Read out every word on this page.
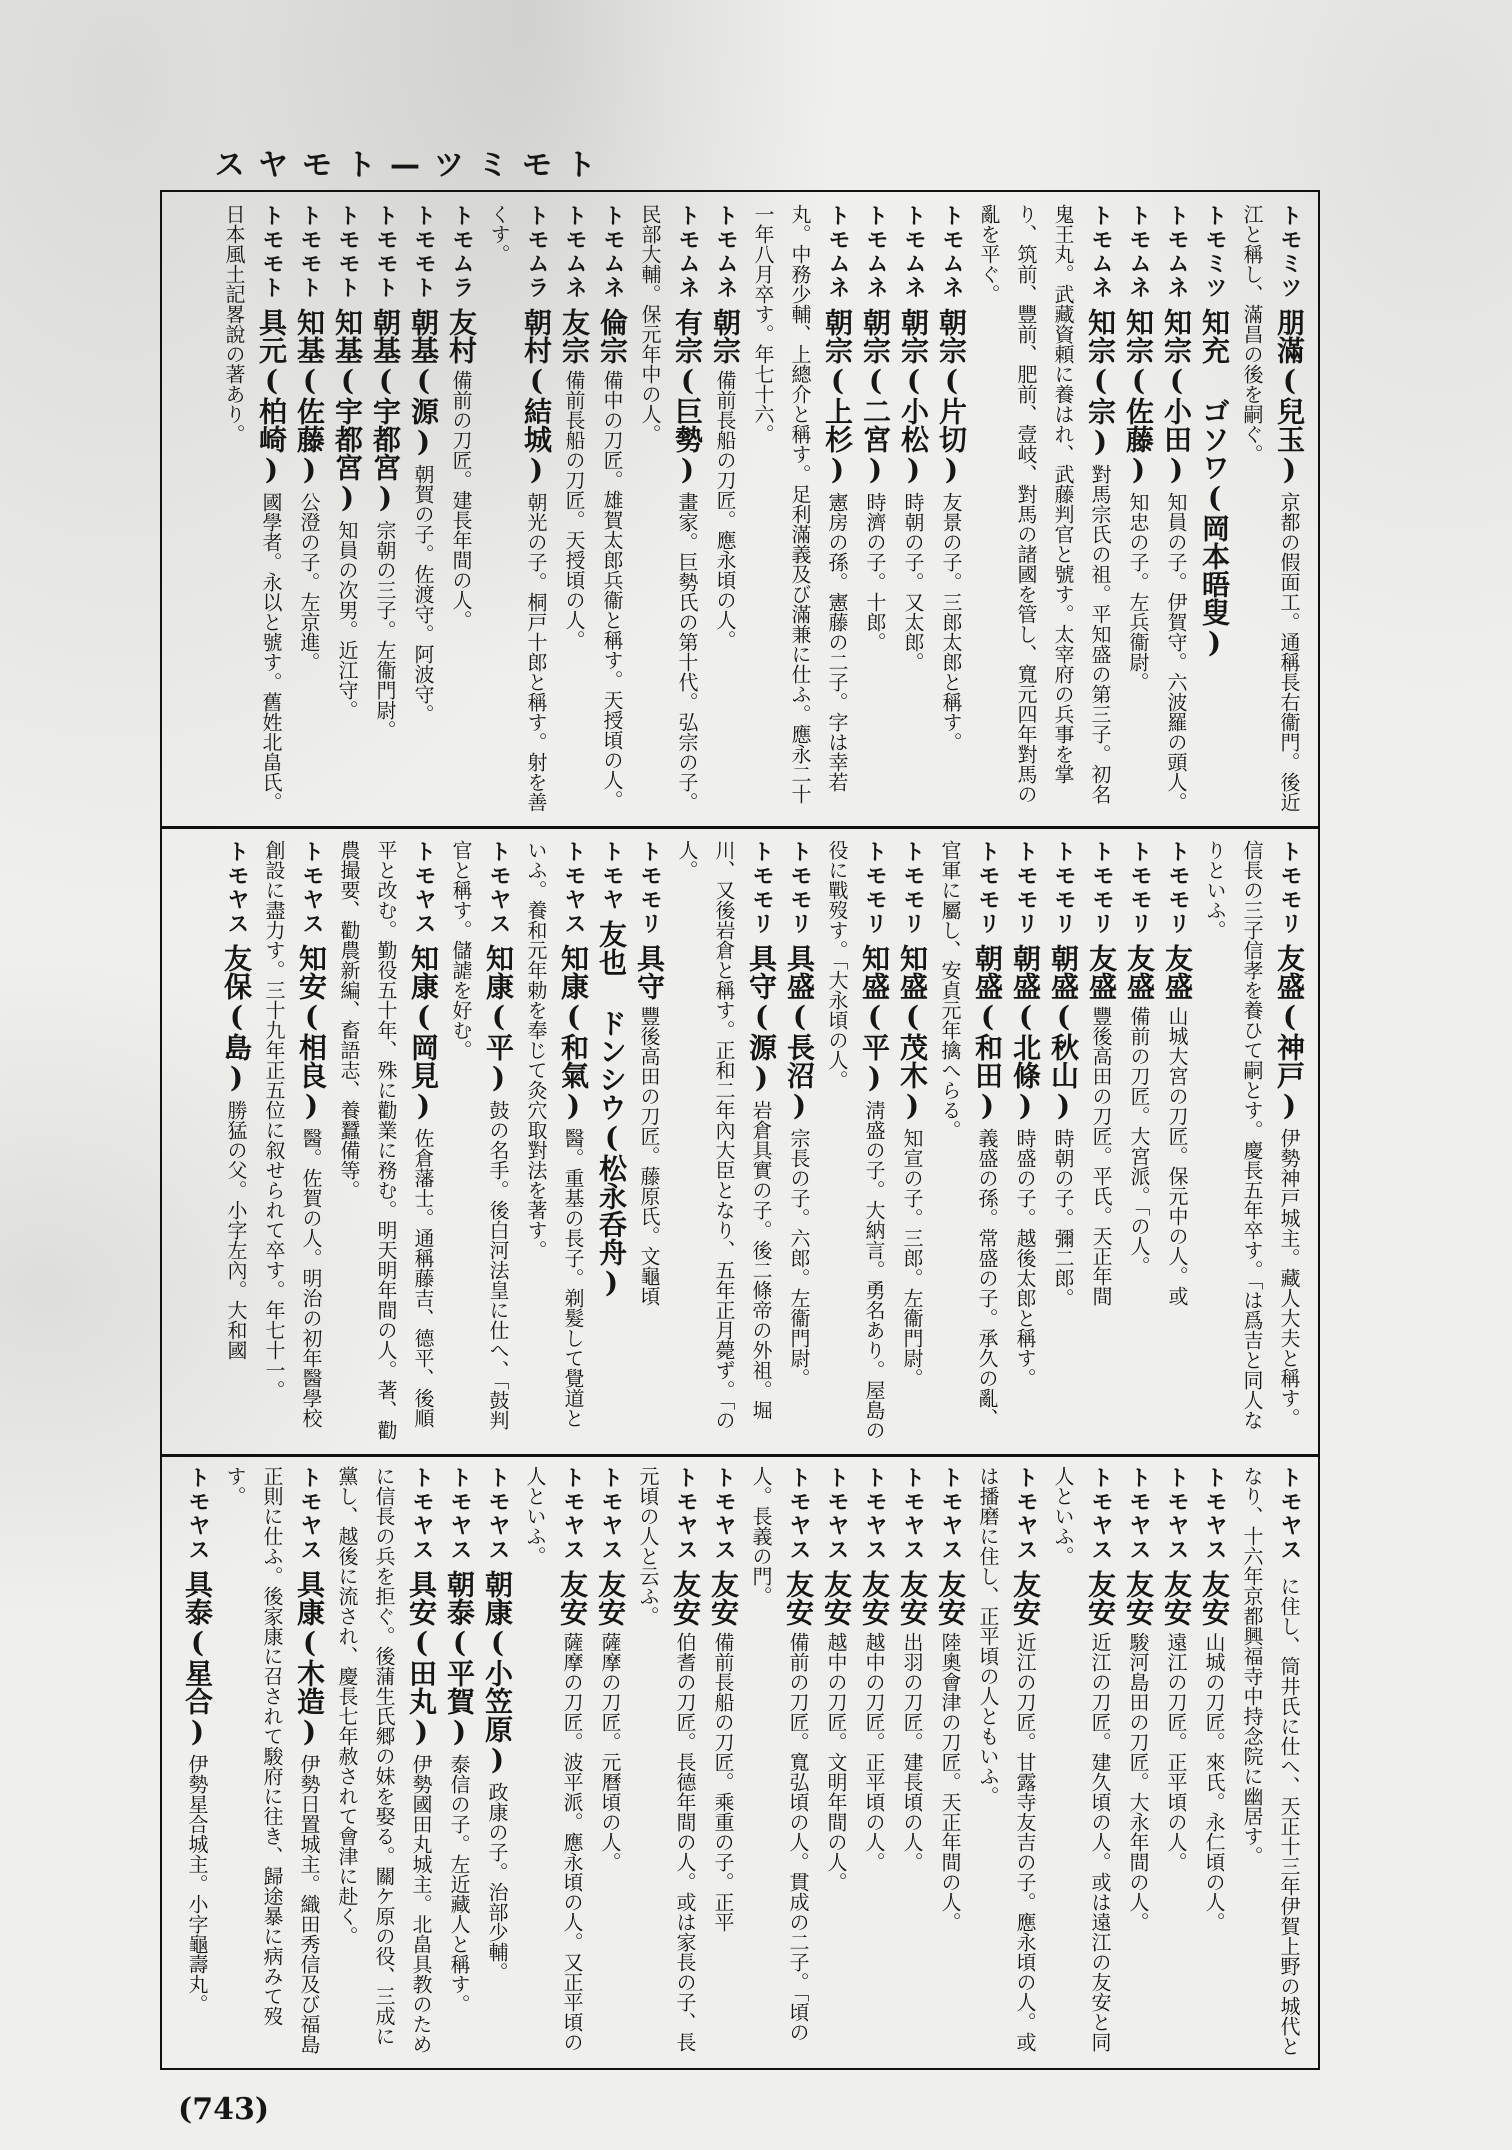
トモミツ—トモヤス

トモミツ朋滿(兒玉)京都の假面工。通稱長右衞門。後近江と稱し、滿昌の後を嗣ぐ。

トモミツ知充 ゴソワ(岡本晤叟)

トモムネ知宗(小田)知員の子。伊賀守。六波羅の頭人。

トモムネ知宗(佐藤)知忠の子。左兵衞尉。

トモムネ知宗(宗)對馬宗氏の祖。平知盛の第三子。初名鬼王丸。武藏資頼に養はれ、武藤判官と號す。太宰府の兵事を掌り、筑前、豐前、肥前、壹岐、對馬の諸國を管し、寬元四年對馬の亂を平ぐ。

トモムネ朝宗(片切)友景の子。三郎太郎と稱す。

トモムネ朝宗(小松)時朝の子。又太郎。

トモムネ朝宗(二宮)時濟の子。十郎。

トモムネ朝宗(上杉)憲房の孫。憲藤の二子。字は幸若丸。中務少輔、上總介と稱す。足利滿義及び滿兼に仕ふ。應永二十一年八月卒す。年七十六。

トモムネ朝宗備前長船の刀匠。應永頃の人。

トモムネ有宗(巨勢)畫家。巨勢氏の第十代。弘宗の子。民部大輔。保元年中の人。

トモムネ倫宗備中の刀匠。雄賀太郎兵衞と稱す。天授頃の人。

トモムネ友宗備前長船の刀匠。天授頃の人。

トモムラ朝村(結城)朝光の子。桐戸十郎と稱す。射を善くす。

トモムラ友村備前の刀匠。建長年間の人。

トモモト朝基(源)朝賀の子。佐渡守。阿波守。

トモモト朝基(宇都宮)宗朝の三子。左衞門尉。

トモモト知基(宇都宮)知員の次男。近江守。

トモモト知基(佐藤)公澄の子。左京進。

トモモト具元(柏崎)國學者。永以と號す。舊姓北畠氏。日本風土記畧說の著あり。

トモモリ友盛(神戸)伊勢神戸城主。藏人大夫と稱す。信長の三子信孝を養ひて嗣とす。慶長五年卒す。「は爲吉と同人なりといふ。

トモモリ友盛山城大宮の刀匠。保元中の人。或

トモモリ友盛備前の刀匠。大宮派。「の人。

トモモリ友盛豐後高田の刀匠。平氏。天正年間

トモモリ朝盛(秋山)時朝の子。彌二郎。

トモモリ朝盛(北條)時盛の子。越後太郎と稱す。

トモモリ朝盛(和田)義盛の孫。常盛の子。承久の亂、官軍に屬し、安貞元年擒へらる。

トモモリ知盛(茂木)知宣の子。三郎。左衞門尉。

トモモリ知盛(平)淸盛の子。大納言。勇名あり。屋島の役に戰歿す。「大永頃の人。

トモモリ具盛(長沼)宗長の子。六郎。左衞門尉。

トモモリ具守(源)岩倉具實の子。後二條帝の外祖。堀川、又後岩倉と稱す。正和二年內大臣となり、五年正月薨ず。「の人。

トモモリ具守豐後高田の刀匠。藤原氏。文龜頃

トモヤ友也 ドンシウ(松永呑舟)

トモヤス知康(和氣)醫。重基の長子。剃髮して覺道といふ。養和元年勅を奉じて灸穴取對法を著す。

トモヤス知康(平)鼓の名手。後白河法皇に仕へ、「鼓判官と稱す。儲謔を好む。

トモヤス知康(岡見)佐倉藩士。通稱藤吉、德平、後順平と改む。勤役五十年、殊に勸業に務む。明天明年間の人。著、勸農撮要、勸農新編、畜語志、養蠶備等。

トモヤス知安(相良)醫。佐賀の人。明治の初年醫學校創設に盡力す。三十九年正五位に叙せられて卒す。年七十一。

トモヤス友保(島)勝猛の父。小字左內。大和國

トモヤスに住し、筒井氏に仕へ、天正十三年伊賀上野の城代となり、十六年京都興福寺中持念院に幽居す。

トモヤス友安山城の刀匠。來氏。永仁頃の人。

トモヤス友安遠江の刀匠。正平頃の人。

トモヤス友安駿河島田の刀匠。大永年間の人。

トモヤス友安近江の刀匠。建久頃の人。或は遠江の友安と同人といふ。

トモヤス友安近江の刀匠。甘露寺友吉の子。應永頃の人。或は播磨に住し、正平頃の人ともいふ。

トモヤス友安陸奧會津の刀匠。天正年間の人。

トモヤス友安出羽の刀匠。建長頃の人。

トモヤス友安越中の刀匠。正平頃の人。

トモヤス友安越中の刀匠。文明年間の人。

トモヤス友安備前の刀匠。寬弘頃の人。貫成の二子。「頃の人。長義の門。

トモヤス友安備前長船の刀匠。乘重の子。正平

トモヤス友安伯耆の刀匠。長德年間の人。或は家長の子、長元頃の人と云ふ。

トモヤス友安薩摩の刀匠。元曆頃の人。

トモヤス友安薩摩の刀匠。波平派。應永頃の人。又正平頃の人といふ。

トモヤス朝康(小笠原)政康の子。治部少輔。

トモヤス朝泰(平賀)泰信の子。左近藏人と稱す。

トモヤス具安(田丸)伊勢國田丸城主。北畠具教のために信長の兵を拒ぐ。後蒲生氏郷の妹を娶る。關ケ原の役、三成に黨し、越後に流され、慶長七年赦されて會津に赴く。

トモヤス具康(木造)伊勢日置城主。織田秀信及び福島正則に仕ふ。後家康に召されて駿府に往き、歸途暴に病みて歿す。

トモヤス具泰(星合)伊勢星合城主。小字龜壽丸。

(743)
